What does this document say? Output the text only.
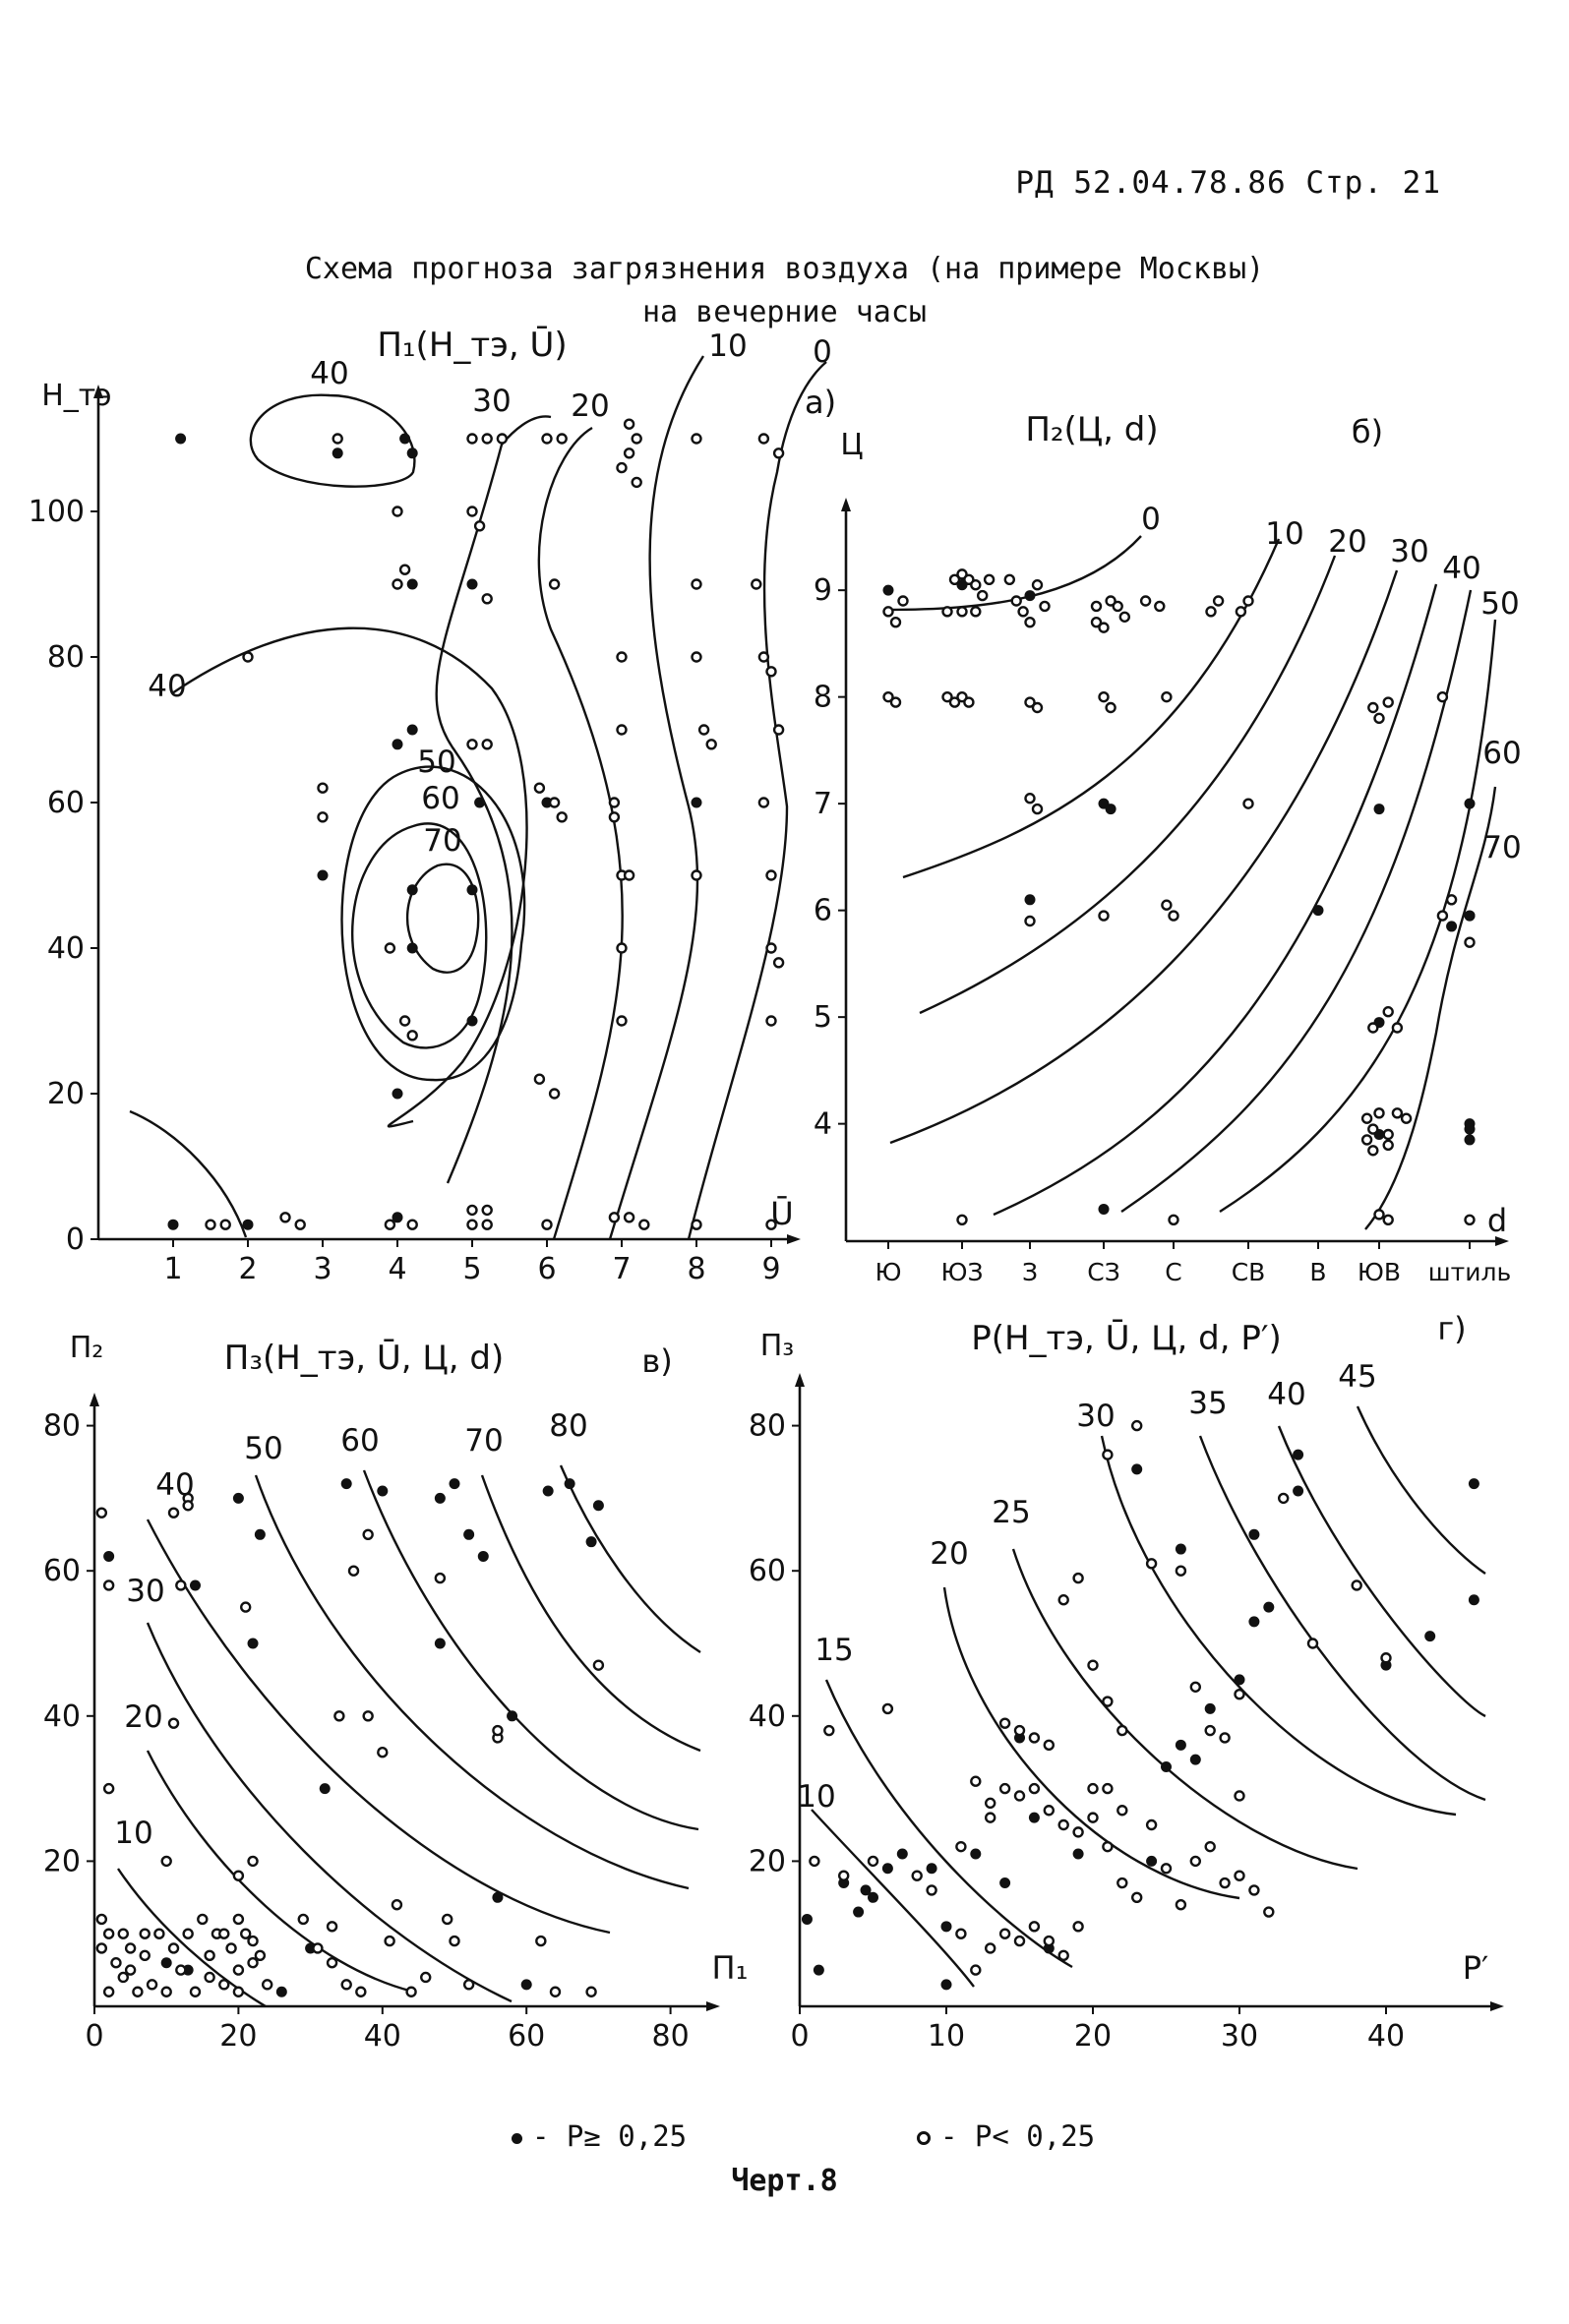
РД 52.04.78.86 Стр. 21
Схема прогноза загрязнения воздуха (на примере Москвы)
на вечерние часы
1 2 3 4 5 6 7 8 9
0
20
40
60
80
100
П₁(H_тэ, Ū)
а)
Ū
H_тэ
40
40
30 20
10 0
50
60
70
Ю ЮЗ З СЗ С СВ В ЮВ штиль
4
5
6
7
8
9
П₂(Ц, d)	б)
d
Ц
0	10 20 30 40
50
60
70
0	20	40	60	80
20
40
60
80
П₃(H_тэ, Ū, Ц, d)	в)
П₁
П₂
10
20
30
40
50 60	70 80
0	10	20	30	40
20
40
60
80
P(H_тэ, Ū, Ц, d, P′)	г)
P′
П₃
10
15
20
25
30 35 40 45
- P≥ 0,25	- P< 0,25
Черт.8
